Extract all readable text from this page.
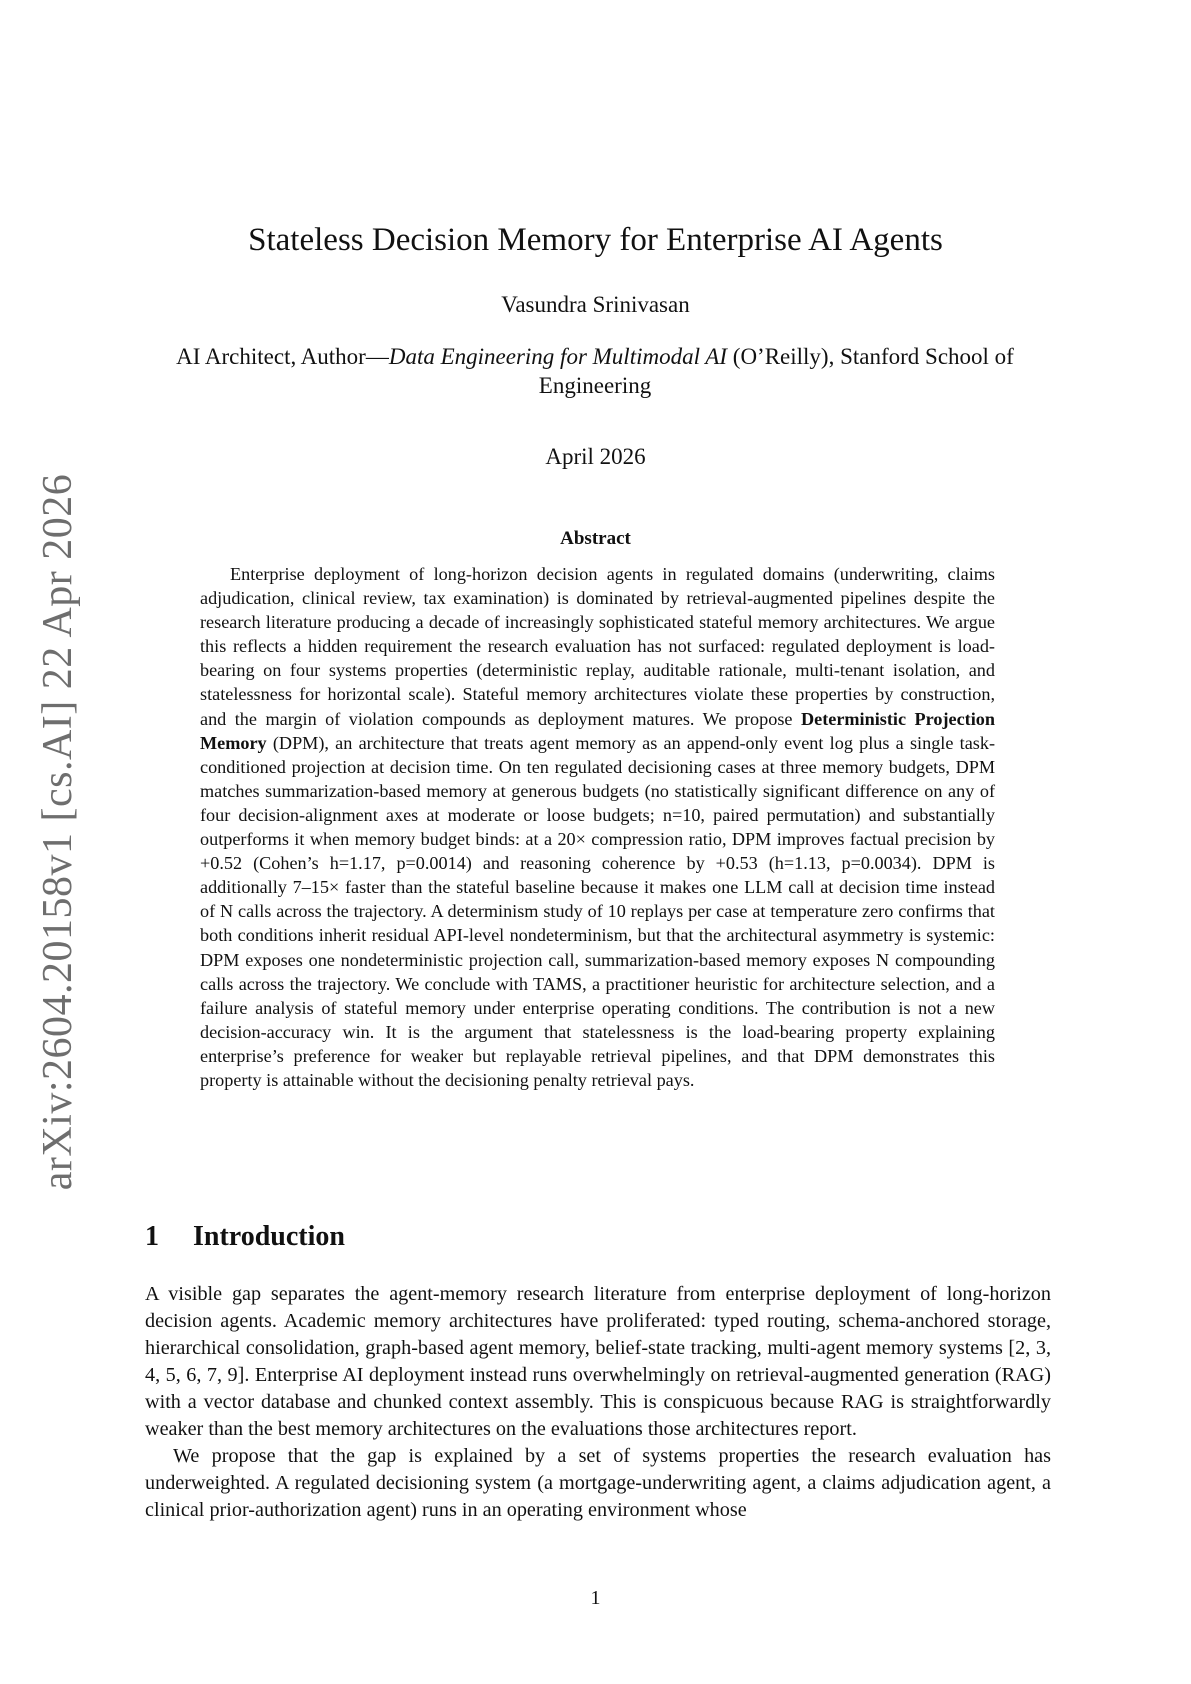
arXiv:2604.20158v1 [cs.AI] 22 Apr 2026
Stateless Decision Memory for Enterprise AI Agents
Vasundra Srinivasan
AI Architect, Author—Data Engineering for Multimodal AI (O’Reilly), Stanford School of Engineering
April 2026
Abstract

Enterprise deployment of long-horizon decision agents in regulated domains (underwriting, claims adjudication, clinical review, tax examination) is dominated by retrieval-augmented pipelines despite the research literature producing a decade of increasingly sophisticated stateful memory architectures. We argue this reflects a hidden requirement the research evaluation has not surfaced: regulated deployment is load-bearing on four systems properties (deterministic replay, auditable rationale, multi-tenant isolation, and statelessness for horizontal scale). Stateful memory architectures violate these properties by construction, and the margin of violation compounds as deployment matures. We propose Deterministic Projection Memory (DPM), an architecture that treats agent memory as an append-only event log plus a single task-conditioned projection at decision time. On ten regulated decisioning cases at three memory budgets, DPM matches summarization-based memory at generous budgets (no statistically significant difference on any of four decision-alignment axes at moderate or loose budgets; n=10, paired permutation) and substantially outperforms it when memory budget binds: at a 20× compression ratio, DPM improves factual precision by +0.52 (Cohen’s h=1.17, p=0.0014) and reasoning coherence by +0.53 (h=1.13, p=0.0034). DPM is additionally 7–15× faster than the stateful baseline because it makes one LLM call at decision time instead of N calls across the trajectory. A determinism study of 10 replays per case at temperature zero confirms that both conditions inherit residual API-level nondeterminism, but that the architectural asymmetry is systemic: DPM exposes one nondeterministic projection call, summarization-based memory exposes N compounding calls across the trajectory. We conclude with TAMS, a practitioner heuristic for architecture selection, and a failure analysis of stateful memory under enterprise operating conditions. The contribution is not a new decision-accuracy win. It is the argument that statelessness is the load-bearing property explaining enterprise’s preference for weaker but replayable retrieval pipelines, and that DPM demonstrates this property is attainable without the decisioning penalty retrieval pays.

1 Introduction

A visible gap separates the agent-memory research literature from enterprise deployment of long-horizon decision agents. Academic memory architectures have proliferated: typed routing, schema-anchored storage, hierarchical consolidation, graph-based agent memory, belief-state tracking, multi-agent memory systems [2, 3, 4, 5, 6, 7, 9]. Enterprise AI deployment instead runs overwhelmingly on retrieval-augmented generation (RAG) with a vector database and chunked context assembly. This is conspicuous because RAG is straightforwardly weaker than the best memory architectures on the evaluations those architectures report.

We propose that the gap is explained by a set of systems properties the research evaluation has underweighted. A regulated decisioning system (a mortgage-underwriting agent, a claims adjudication agent, a clinical prior-authorization agent) runs in an operating environment whose

1
